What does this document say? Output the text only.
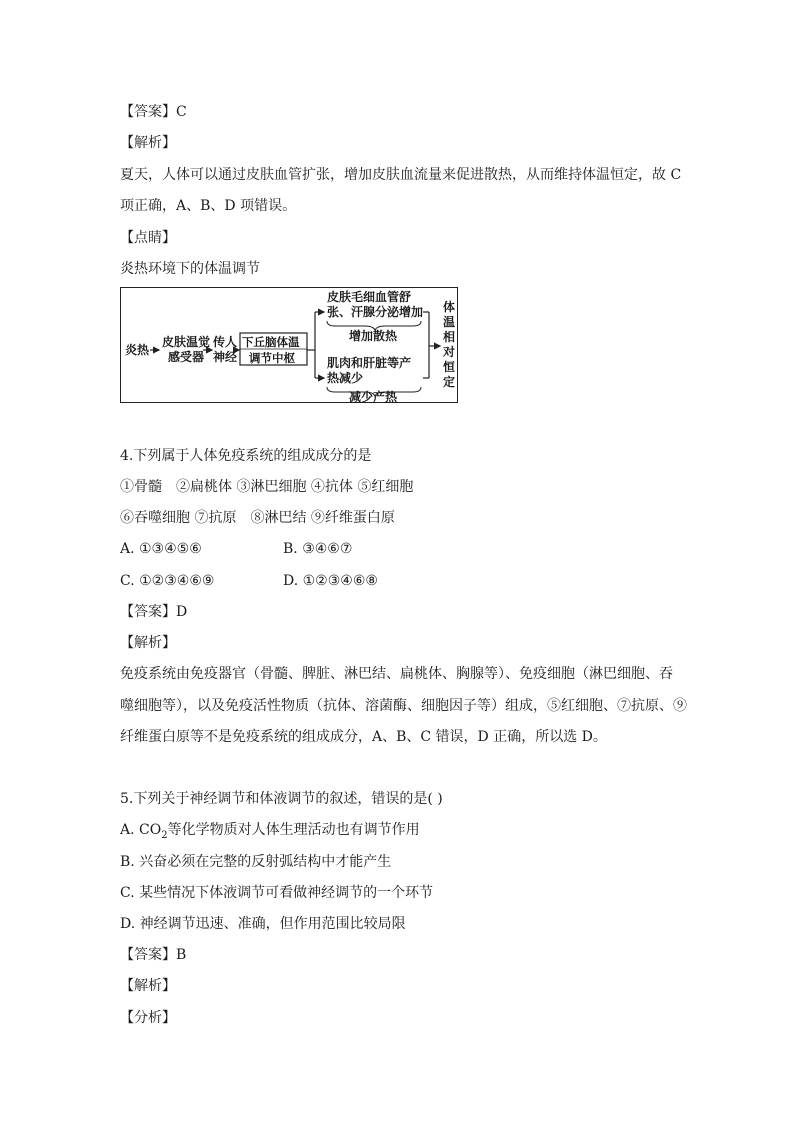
【答案】C
【解析】
夏天，人体可以通过皮肤血管扩张，增加皮肤血流量来促进散热，从而维持体温恒定，故 C
项正确，A、B、D 项错误。
【点睛】
炎热环境下的体温调节
炎热
皮肤温觉
感受器
传人
神经
下丘脑体温
调节中枢
皮肤毛细血管舒
张、汗腺分泌增加
增加散热
肌肉和肝脏等产
热减少
减少产热
体温相对恒定
4.下列属于人体免疫系统的组成成分的是
①骨髓　②扁桃体 ③淋巴细胞 ④抗体 ⑤红细胞
⑥吞噬细胞 ⑦抗原　⑧淋巴结 ⑨纤维蛋白原
A. ①③④⑤⑥	B. ③④⑥⑦
C. ①②③④⑥⑨	D. ①②③④⑥⑧
【答案】D
【解析】
免疫系统由免疫器官（骨髓、脾脏、淋巴结、扁桃体、胸腺等）、免疫细胞（淋巴细胞、吞
噬细胞等），以及免疫活性物质（抗体、溶菌酶、细胞因子等）组成，⑤红细胞、⑦抗原、⑨
纤维蛋白原等不是免疫系统的组成成分，A、B、C 错误，D 正确，所以选 D。
5.下列关于神经调节和体液调节的叙述，错误的是( )
A. $CO_2$等化学物质对人体生理活动也有调节作用
B. 兴奋必须在完整的反射弧结构中才能产生
C. 某些情况下体液调节可看做神经调节的一个环节
D. 神经调节迅速、准确，但作用范围比较局限
【答案】B
【解析】
【分析】
